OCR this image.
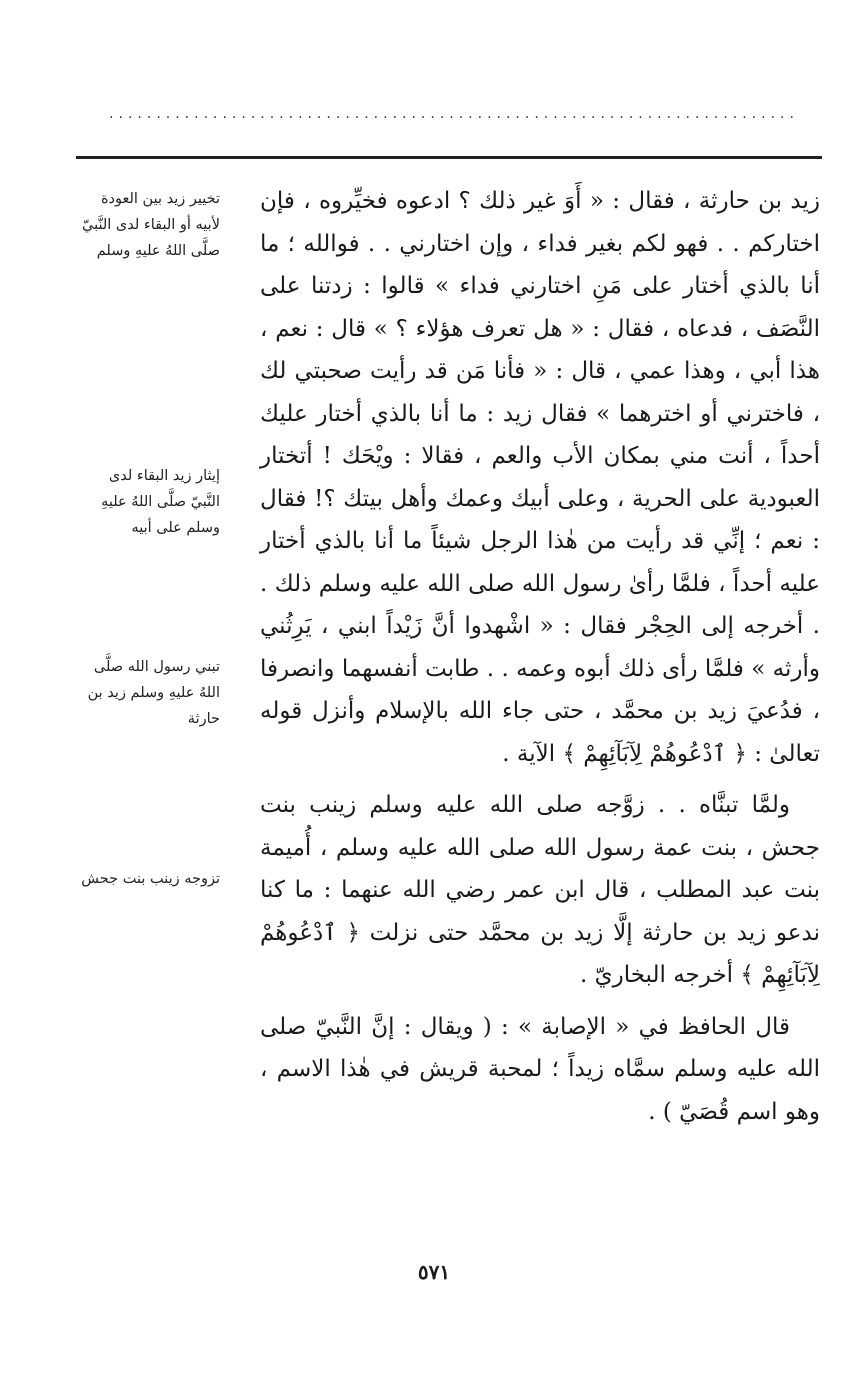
.........................................................................
تخيير زيد بين العودة لأبيه أو البقاء لدى النَّبيّ صلَّى اللهُ عليهِ وسلم
إيثار زيد البقاء لدى النَّبيّ صلَّى اللهُ عليهِ وسلم على أبيه
تبني رسول الله صلَّى اللهُ عليهِ وسلم زيد بن حارثة
تزوجه زينب بنت جحش

زيد بن حارثة ، فقال : « أَوَ غير ذلك ؟ ادعوه فخيِّروه ، فإن اختاركم . . فهو لكم بغير فداء ، وإن اختارني . . فوالله ؛ ما أنا بالذي أختار على مَنِ اختارني فداء » قالوا : زدتنا على النَّصَف ، فدعاه ، فقال : « هل تعرف هؤلاء ؟ » قال : نعم ، هذا أبي ، وهذا عمي ، قال : « فأنا مَن قد رأيت صحبتي لك ، فاخترني أو اخترهما » فقال زيد : ما أنا بالذي أختار عليك أحداً ، أنت مني بمكان الأب والعم ، فقالا : ويْحَك ! أتختار العبودية على الحرية ، وعلى أبيك وعمك وأهل بيتك ؟! فقال : نعم ؛ إنِّي قد رأيت من هٰذا الرجل شيئاً ما أنا بالذي أختار عليه أحداً ، فلمَّا رأىٰ رسول الله صلى الله عليه وسلم ذلك . . أخرجه إلى الحِجْر فقال : « اشْهدوا أنَّ زَيْداً ابني ، يَرِثُني وأرثه » فلمَّا رأى ذلك أبوه وعمه . . طابت أنفسهما وانصرفا ، فدُعيَ زيد بن محمَّد ، حتى جاء الله بالإسلام وأنزل قوله تعالىٰ : ﴿ ٱدْعُوهُمْ لِآبَآئِهِمْ ﴾ الآية .

ولمَّا تبنَّاه . . زوَّجه صلى الله عليه وسلم زينب بنت جحش ، بنت عمة رسول الله صلى الله عليه وسلم ، أُميمة بنت عبد المطلب ، قال ابن عمر رضي الله عنهما : ما كنا ندعو زيد بن حارثة إلَّا زيد بن محمَّد حتى نزلت ﴿ ٱدْعُوهُمْ لِآبَآئِهِمْ ﴾ أخرجه البخاريّ .

قال الحافظ في « الإصابة » : ( ويقال : إنَّ النَّبيّ صلى الله عليه وسلم سمَّاه زيداً ؛ لمحبة قريش في هٰذا الاسم ، وهو اسم قُصَيّ ) .

٥٧١
